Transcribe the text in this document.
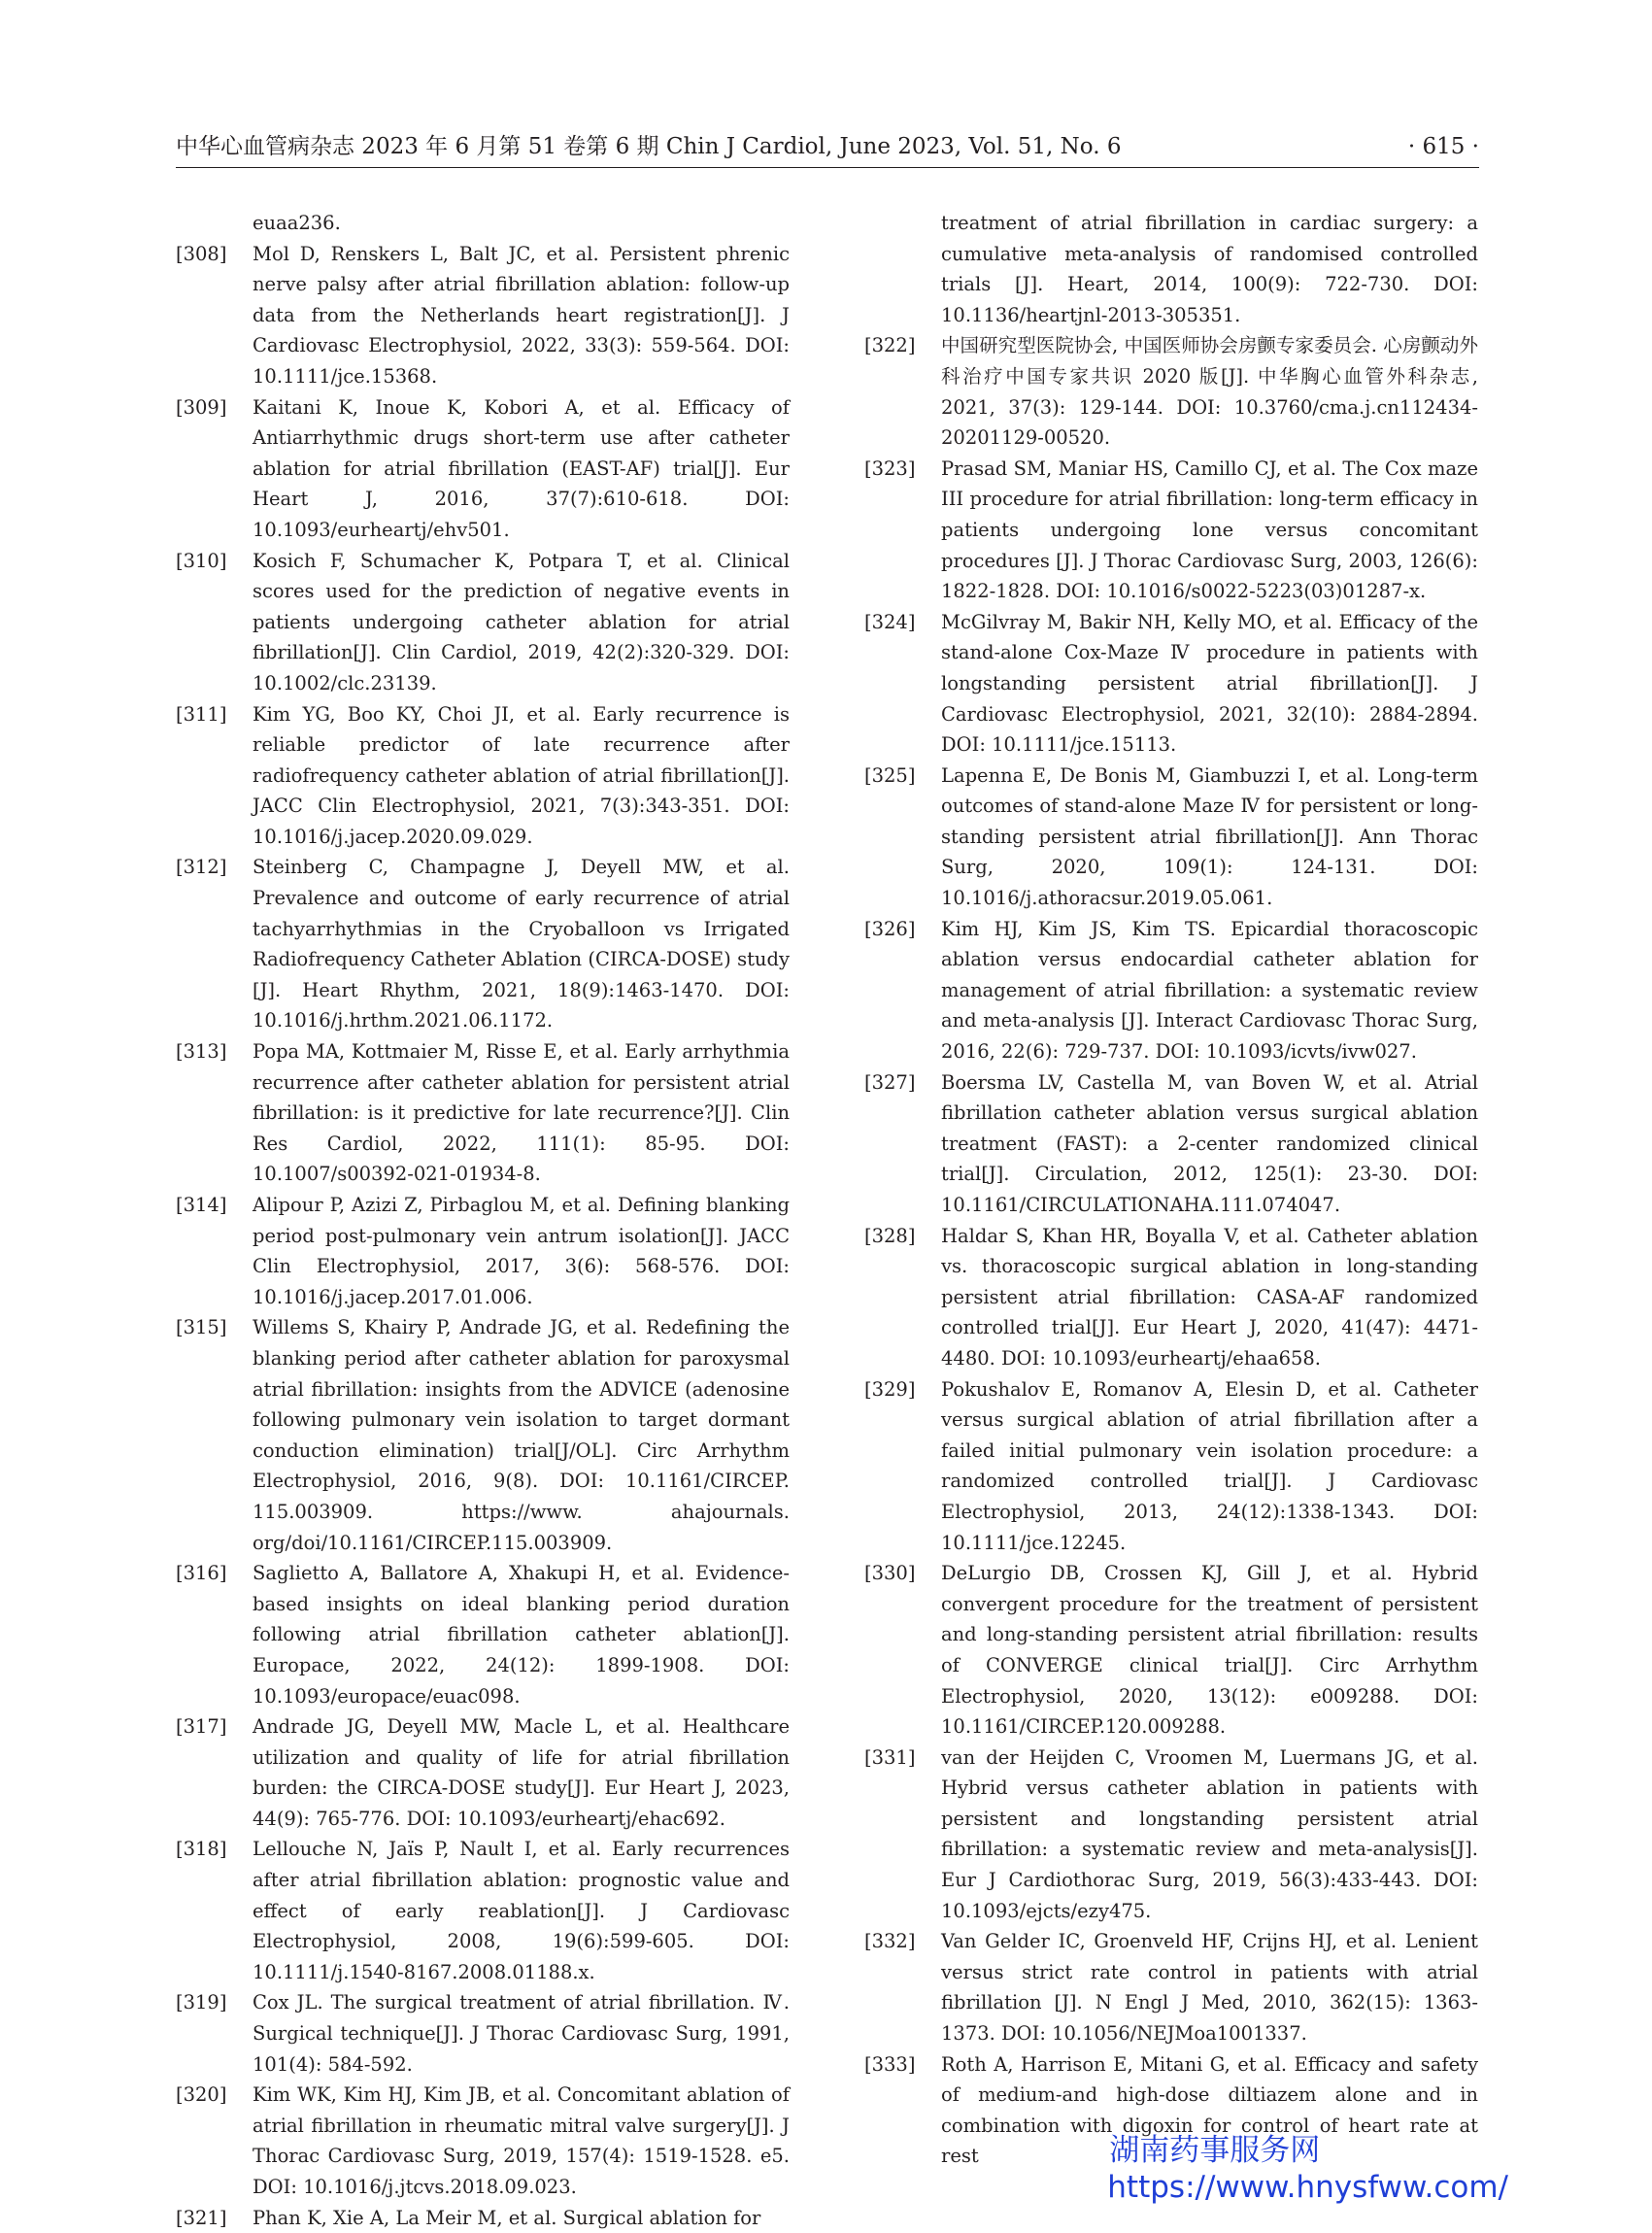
中华心血管病杂志 2023 年 6 月第 51 卷第 6 期 Chin J Cardiol, June 2023, Vol. 51, No. 6	· 615 ·
euaa236.
[308]	Mol D, Renskers L, Balt JC, et al. Persistent phrenic nerve palsy after atrial fibrillation ablation: follow-up data from the Netherlands heart registration[J]. J Cardiovasc Electrophysiol, 2022, 33(3): 559-564. DOI: 10.1111/jce.15368.
[309]	Kaitani K, Inoue K, Kobori A, et al. Efficacy of Antiarrhythmic drugs short-term use after catheter ablation for atrial fibrillation (EAST-AF) trial[J]. Eur Heart J, 2016, 37(7):610-618. DOI: 10.1093/eurheartj/ehv501.
[310]	Kosich F, Schumacher K, Potpara T, et al. Clinical scores used for the prediction of negative events in patients undergoing catheter ablation for atrial fibrillation[J]. Clin Cardiol, 2019, 42(2):320-329. DOI: 10.1002/clc.23139.
[311]	Kim YG, Boo KY, Choi JI, et al. Early recurrence is reliable predictor of late recurrence after radiofrequency catheter ablation of atrial fibrillation[J]. JACC Clin Electrophysiol, 2021, 7(3):343-351. DOI: 10.1016/j.jacep.2020.09.029.
[312]	Steinberg C, Champagne J, Deyell MW, et al. Prevalence and outcome of early recurrence of atrial tachyarrhythmias in the Cryoballoon vs Irrigated Radiofrequency Catheter Ablation (CIRCA-DOSE) study [J]. Heart Rhythm, 2021, 18(9):1463-1470. DOI: 10.1016/j.hrthm.2021.06.1172.
[313]	Popa MA, Kottmaier M, Risse E, et al. Early arrhythmia recurrence after catheter ablation for persistent atrial fibrillation: is it predictive for late recurrence?[J]. Clin Res Cardiol, 2022, 111(1): 85-95. DOI: 10.1007/s00392-021-01934-8.
[314]	Alipour P, Azizi Z, Pirbaglou M, et al. Defining blanking period post-pulmonary vein antrum isolation[J]. JACC Clin Electrophysiol, 2017, 3(6): 568-576. DOI: 10.1016/j.jacep.2017.01.006.
[315]	Willems S, Khairy P, Andrade JG, et al. Redefining the blanking period after catheter ablation for paroxysmal atrial fibrillation: insights from the ADVICE (adenosine following pulmonary vein isolation to target dormant conduction elimination) trial[J/OL]. Circ Arrhythm Electrophysiol, 2016, 9(8). DOI: 10.1161/CIRCEP. 115.003909. https://www. ahajournals. org/doi/10.1161/CIRCEP.115.003909.
[316]	Saglietto A, Ballatore A, Xhakupi H, et al. Evidence-based insights on ideal blanking period duration following atrial fibrillation catheter ablation[J]. Europace, 2022, 24(12): 1899-1908. DOI: 10.1093/europace/euac098.
[317]	Andrade JG, Deyell MW, Macle L, et al. Healthcare utilization and quality of life for atrial fibrillation burden: the CIRCA-DOSE study[J]. Eur Heart J, 2023, 44(9): 765-776. DOI: 10.1093/eurheartj/ehac692.
[318]	Lellouche N, Jaïs P, Nault I, et al. Early recurrences after atrial fibrillation ablation: prognostic value and effect of early reablation[J]. J Cardiovasc Electrophysiol, 2008, 19(6):599-605. DOI: 10.1111/j.1540-8167.2008.01188.x.
[319]	Cox JL. The surgical treatment of atrial fibrillation. Ⅳ. Surgical technique[J]. J Thorac Cardiovasc Surg, 1991, 101(4): 584-592.
[320]	Kim WK, Kim HJ, Kim JB, et al. Concomitant ablation of atrial fibrillation in rheumatic mitral valve surgery[J]. J Thorac Cardiovasc Surg, 2019, 157(4): 1519-1528. e5. DOI: 10.1016/j.jtcvs.2018.09.023.
[321]	Phan K, Xie A, La Meir M, et al. Surgical ablation for
treatment of atrial fibrillation in cardiac surgery: a cumulative meta-analysis of randomised controlled trials [J]. Heart, 2014, 100(9): 722-730. DOI: 10.1136/heartjnl-2013-305351.
[322]	中国研究型医院协会, 中国医师协会房颤专家委员会. 心房颤动外科治疗中国专家共识 2020 版[J]. 中华胸心血管外科杂志, 2021, 37(3): 129-144. DOI: 10.3760/cma.j.cn112434-20201129-00520.
[323]	Prasad SM, Maniar HS, Camillo CJ, et al. The Cox maze III procedure for atrial fibrillation: long-term efficacy in patients undergoing lone versus concomitant procedures [J]. J Thorac Cardiovasc Surg, 2003, 126(6): 1822-1828. DOI: 10.1016/s0022-5223(03)01287-x.
[324]	McGilvray M, Bakir NH, Kelly MO, et al. Efficacy of the stand-alone Cox-Maze Ⅳ procedure in patients with longstanding persistent atrial fibrillation[J]. J Cardiovasc Electrophysiol, 2021, 32(10): 2884-2894. DOI: 10.1111/jce.15113.
[325]	Lapenna E, De Bonis M, Giambuzzi I, et al. Long-term outcomes of stand-alone Maze Ⅳ for persistent or long-standing persistent atrial fibrillation[J]. Ann Thorac Surg, 2020, 109(1): 124-131. DOI: 10.1016/j.athoracsur.2019.05.061.
[326]	Kim HJ, Kim JS, Kim TS. Epicardial thoracoscopic ablation versus endocardial catheter ablation for management of atrial fibrillation: a systematic review and meta-analysis [J]. Interact Cardiovasc Thorac Surg, 2016, 22(6): 729-737. DOI: 10.1093/icvts/ivw027.
[327]	Boersma LV, Castella M, van Boven W, et al. Atrial fibrillation catheter ablation versus surgical ablation treatment (FAST): a 2-center randomized clinical trial[J]. Circulation, 2012, 125(1): 23-30. DOI: 10.1161/CIRCULATIONAHA.111.074047.
[328]	Haldar S, Khan HR, Boyalla V, et al. Catheter ablation vs. thoracoscopic surgical ablation in long-standing persistent atrial fibrillation: CASA-AF randomized controlled trial[J]. Eur Heart J, 2020, 41(47): 4471-4480. DOI: 10.1093/eurheartj/ehaa658.
[329]	Pokushalov E, Romanov A, Elesin D, et al. Catheter versus surgical ablation of atrial fibrillation after a failed initial pulmonary vein isolation procedure: a randomized controlled trial[J]. J Cardiovasc Electrophysiol, 2013, 24(12):1338-1343. DOI: 10.1111/jce.12245.
[330]	DeLurgio DB, Crossen KJ, Gill J, et al. Hybrid convergent procedure for the treatment of persistent and long-standing persistent atrial fibrillation: results of CONVERGE clinical trial[J]. Circ Arrhythm Electrophysiol, 2020, 13(12): e009288. DOI: 10.1161/CIRCEP.120.009288.
[331]	van der Heijden C, Vroomen M, Luermans JG, et al. Hybrid versus catheter ablation in patients with persistent and longstanding persistent atrial fibrillation: a systematic review and meta-analysis[J]. Eur J Cardiothorac Surg, 2019, 56(3):433-443. DOI: 10.1093/ejcts/ezy475.
[332]	Van Gelder IC, Groenveld HF, Crijns HJ, et al. Lenient versus strict rate control in patients with atrial fibrillation [J]. N Engl J Med, 2010, 362(15): 1363-1373. DOI: 10.1056/NEJMoa1001337.
[333]	Roth A, Harrison E, Mitani G, et al. Efficacy and safety of medium-and high-dose diltiazem alone and in combination with digoxin for control of heart rate at rest	湖南药事服务网
https://www.hnysfww.com/
